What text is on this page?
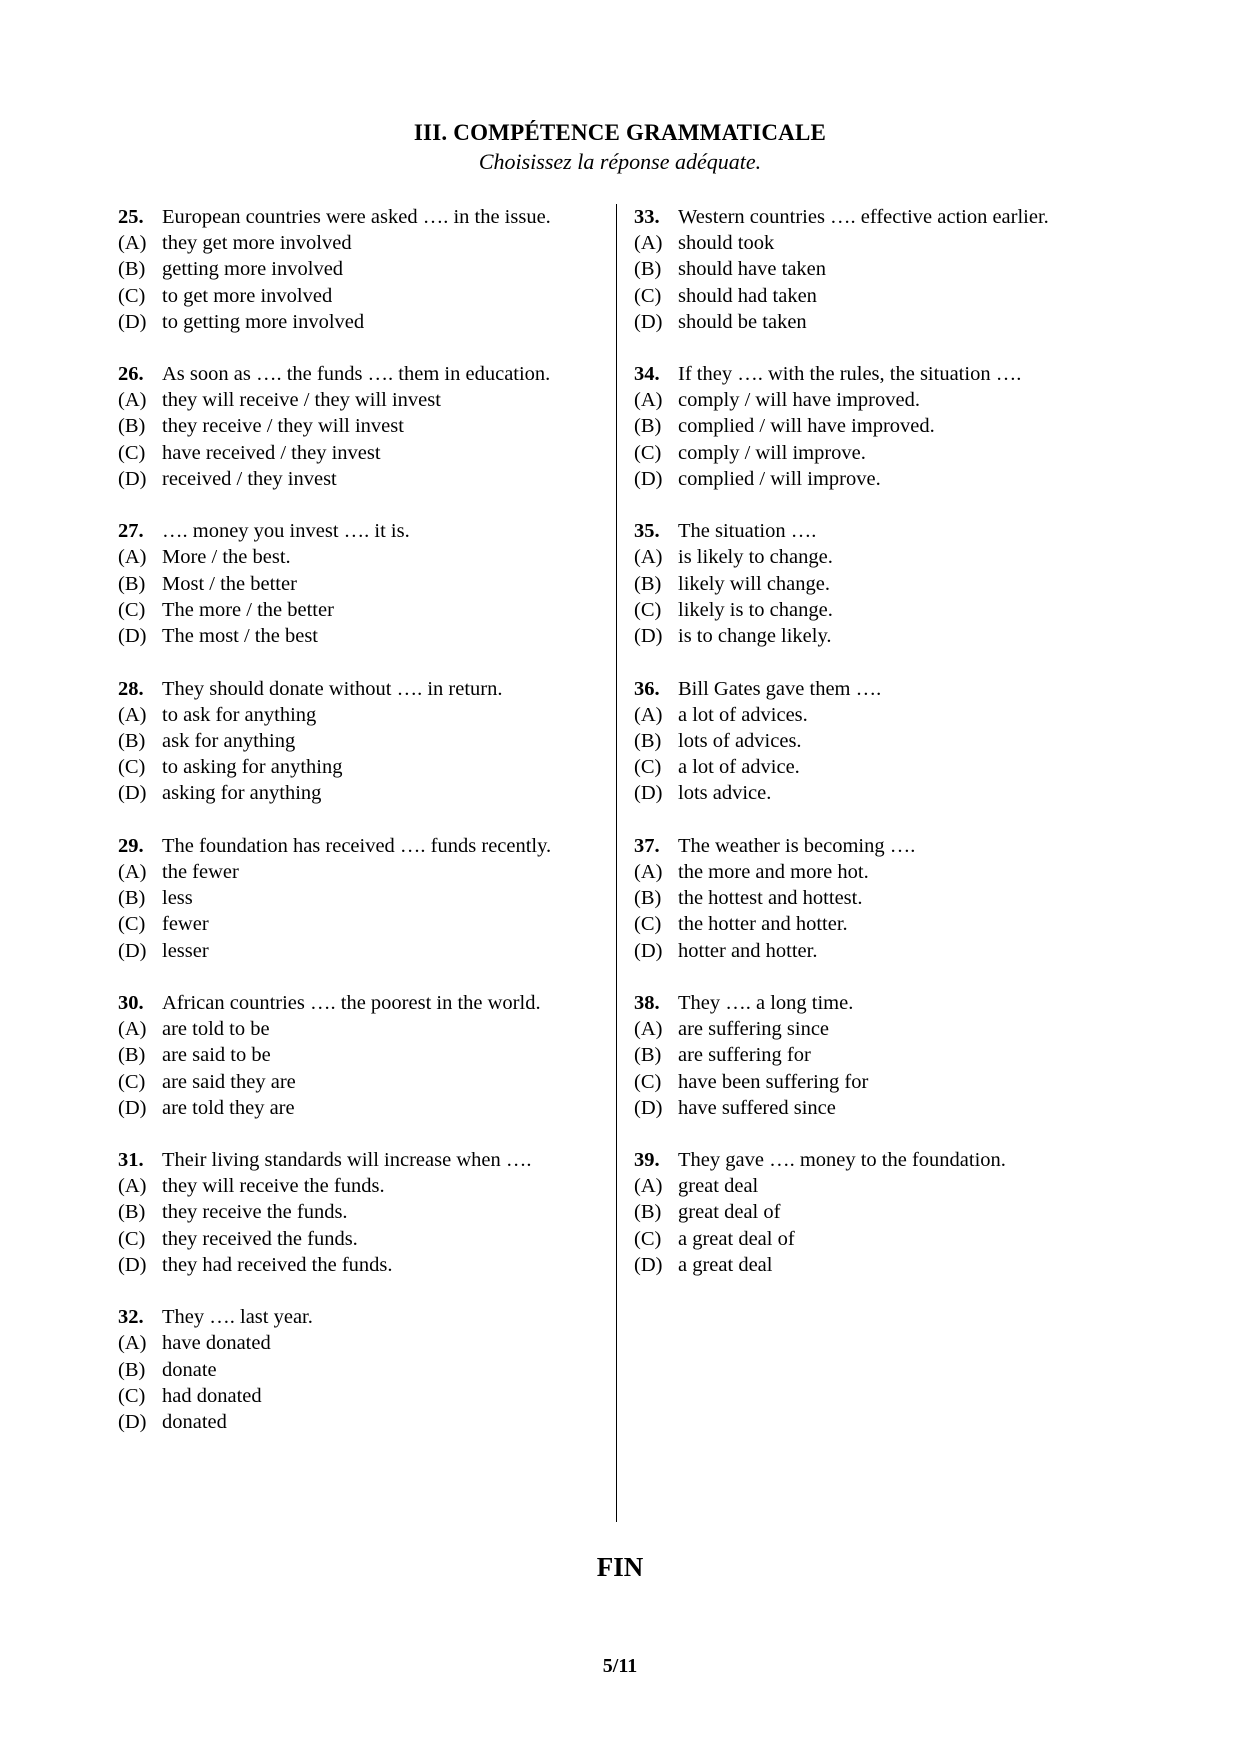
III. COMPÉTENCE GRAMMATICALE
Choisissez la réponse adéquate.
25. European countries were asked …. in the issue.
(A) they get more involved
(B) getting more involved
(C) to get more involved
(D) to getting more involved
26. As soon as …. the funds …. them in education.
(A) they will receive / they will invest
(B) they receive / they will invest
(C) have received / they invest
(D) received / they invest
27. …. money you invest …. it is.
(A) More / the best.
(B) Most / the better
(C) The more / the better
(D) The most / the best
28. They should donate without …. in return.
(A) to ask for anything
(B) ask for anything
(C) to asking for anything
(D) asking for anything
29. The foundation has received …. funds recently.
(A) the fewer
(B) less
(C) fewer
(D) lesser
30. African countries …. the poorest in the world.
(A) are told to be
(B) are said to be
(C) are said they are
(D) are told they are
31. Their living standards will increase when ….
(A) they will receive the funds.
(B) they receive the funds.
(C) they received the funds.
(D) they had received the funds.
32. They …. last year.
(A) have donated
(B) donate
(C) had donated
(D) donated
33. Western countries …. effective action earlier.
(A) should took
(B) should have taken
(C) should had taken
(D) should be taken
34. If they …. with the rules, the situation ….
(A) comply / will have improved.
(B) complied / will have improved.
(C) comply / will improve.
(D) complied / will improve.
35. The situation ….
(A) is likely to change.
(B) likely will change.
(C) likely is to change.
(D) is to change likely.
36. Bill Gates gave them ….
(A) a lot of advices.
(B) lots of advices.
(C) a lot of advice.
(D) lots advice.
37. The weather is becoming ….
(A) the more and more hot.
(B) the hottest and hottest.
(C) the hotter and hotter.
(D) hotter and hotter.
38. They …. a long time.
(A) are suffering since
(B) are suffering for
(C) have been suffering for
(D) have suffered since
39. They gave …. money to the foundation.
(A) great deal
(B) great deal of
(C) a great deal of
(D) a great deal
FIN
5/11
